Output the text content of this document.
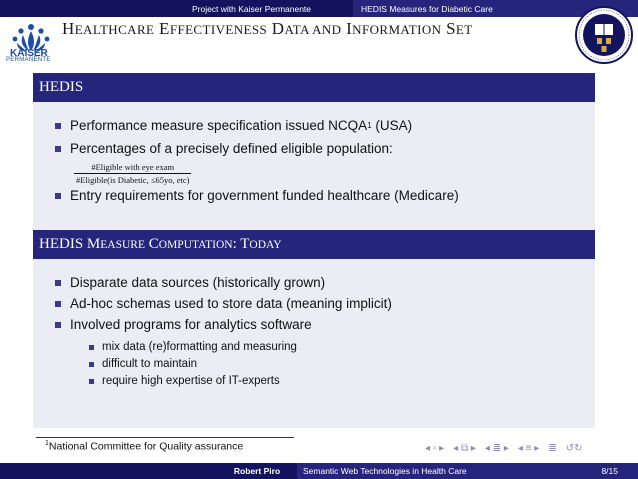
Project with Kaiser Permanente	HEDIS Measures for Diabetic Care
KAISER
PERMANENTE
HEALTHCARE EFFECTIVENESS DATA AND INFORMATION SET
HEDIS
Performance measure specification issued NCQA 1 (USA)
Percentages of a precisely defined eligible population:
#Eligible with eye exam
#Eligible(is Diabetic, ≤65yo, etc)
Entry requirements for government funded healthcare (Medicare)
HEDIS M EASURE C OMPUTATION : T ODAY
Disparate data sources (historically grown)
Ad-hoc schemas used to store data (meaning implicit)
Involved programs for analytics software
mix data (re)formatting and measuring
difficult to maintain
require high expertise of IT-experts
$^1$National Committee for Quality assurance	◂ ▫ ▸ ◂ ⧉ ▸ ◂ ≣ ▸ ◂ ≡ ▸ ≣ ↺↻
Robert Piro	Semantic Web Technologies in Health Care	8/15
